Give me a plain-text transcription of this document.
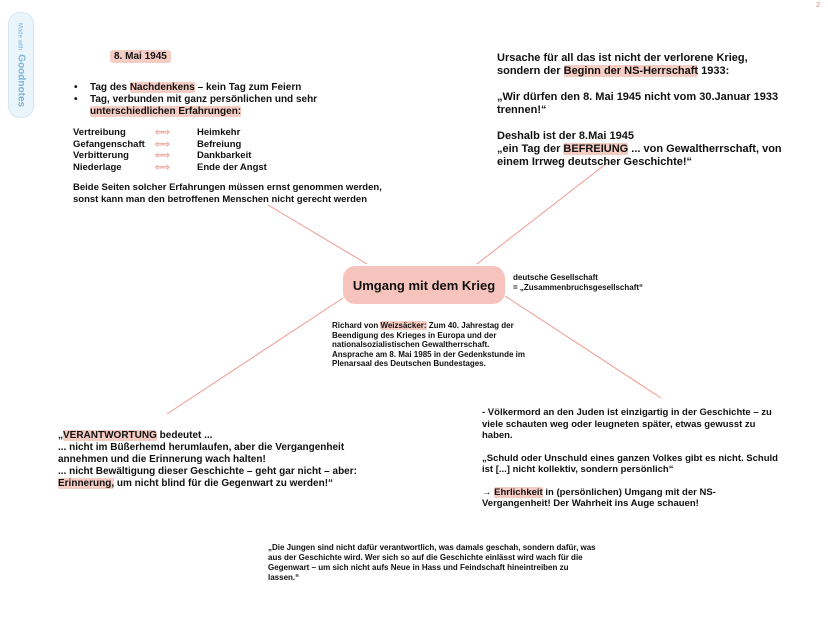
Made withGoodnotes
2
8. Mai 1945
• Tag des Nachdenkens – kein Tag zum Feiern
• Tag, verbunden mit ganz persönlichen und sehr
unterschiedlichen Erfahrungen:
Vertreibung	⇦⇨	Heimkehr
Gefangenschaft	⇦⇨	Befreiung
Verbitterung	⇦⇨	Dankbarkeit
Niederlage	⇦⇨	Ende der Angst
Beide Seiten solcher Erfahrungen müssen ernst genommen werden, sonst kann man den betroffenen Menschen nicht gerecht werden

Ursache für all das ist nicht der verlorene Krieg,
sondern der Beginn der NS-Herrschaft 1933:

„Wir dürfen den 8. Mai 1945 nicht vom 30.Januar 1933 trennen!“

Deshalb ist der 8.Mai 1945
„ein Tag der BEFREIUNG ... von Gewaltherrschaft, von einem Irrweg deutscher Geschichte!“

Umgang mit dem Krieg deutsche Gesellschaft
= „Zusammenbruchsgesellschaft“
Richard von Weizsäcker: Zum 40. Jahrestag der Beendigung des Krieges in Europa und der nationalsozialistischen Gewaltherrschaft. Ansprache am 8. Mai 1985 in der Gedenkstunde im Plenarsaal des Deutschen Bundestages.
„VERANTWORTUNG bedeutet ...
... nicht im Büßerhemd herumlaufen, aber die Vergangenheit annehmen und die Erinnerung wach halten!
... nicht Bewältigung dieser Geschichte – geht gar nicht – aber:
Erinnerung, um nicht blind für die Gegenwart zu werden!“

- Völkermord an den Juden ist einzigartig in der Geschichte – zu viele schauten weg oder leugneten später, etwas gewusst zu haben.

„Schuld oder Unschuld eines ganzen Volkes gibt es nicht. Schuld ist [...] nicht kollektiv, sondern persönlich“

→ Ehrlichkeit in (persönlichen) Umgang mit der NS-Vergangenheit! Der Wahrheit ins Auge schauen!

„Die Jungen sind nicht dafür verantwortlich, was damals geschah, sondern dafür, was aus der Geschichte wird. Wer sich so auf die Geschichte einlässt wird wach für die Gegenwart – um sich nicht aufs Neue in Hass und Feindschaft hineintreiben zu lassen.“
